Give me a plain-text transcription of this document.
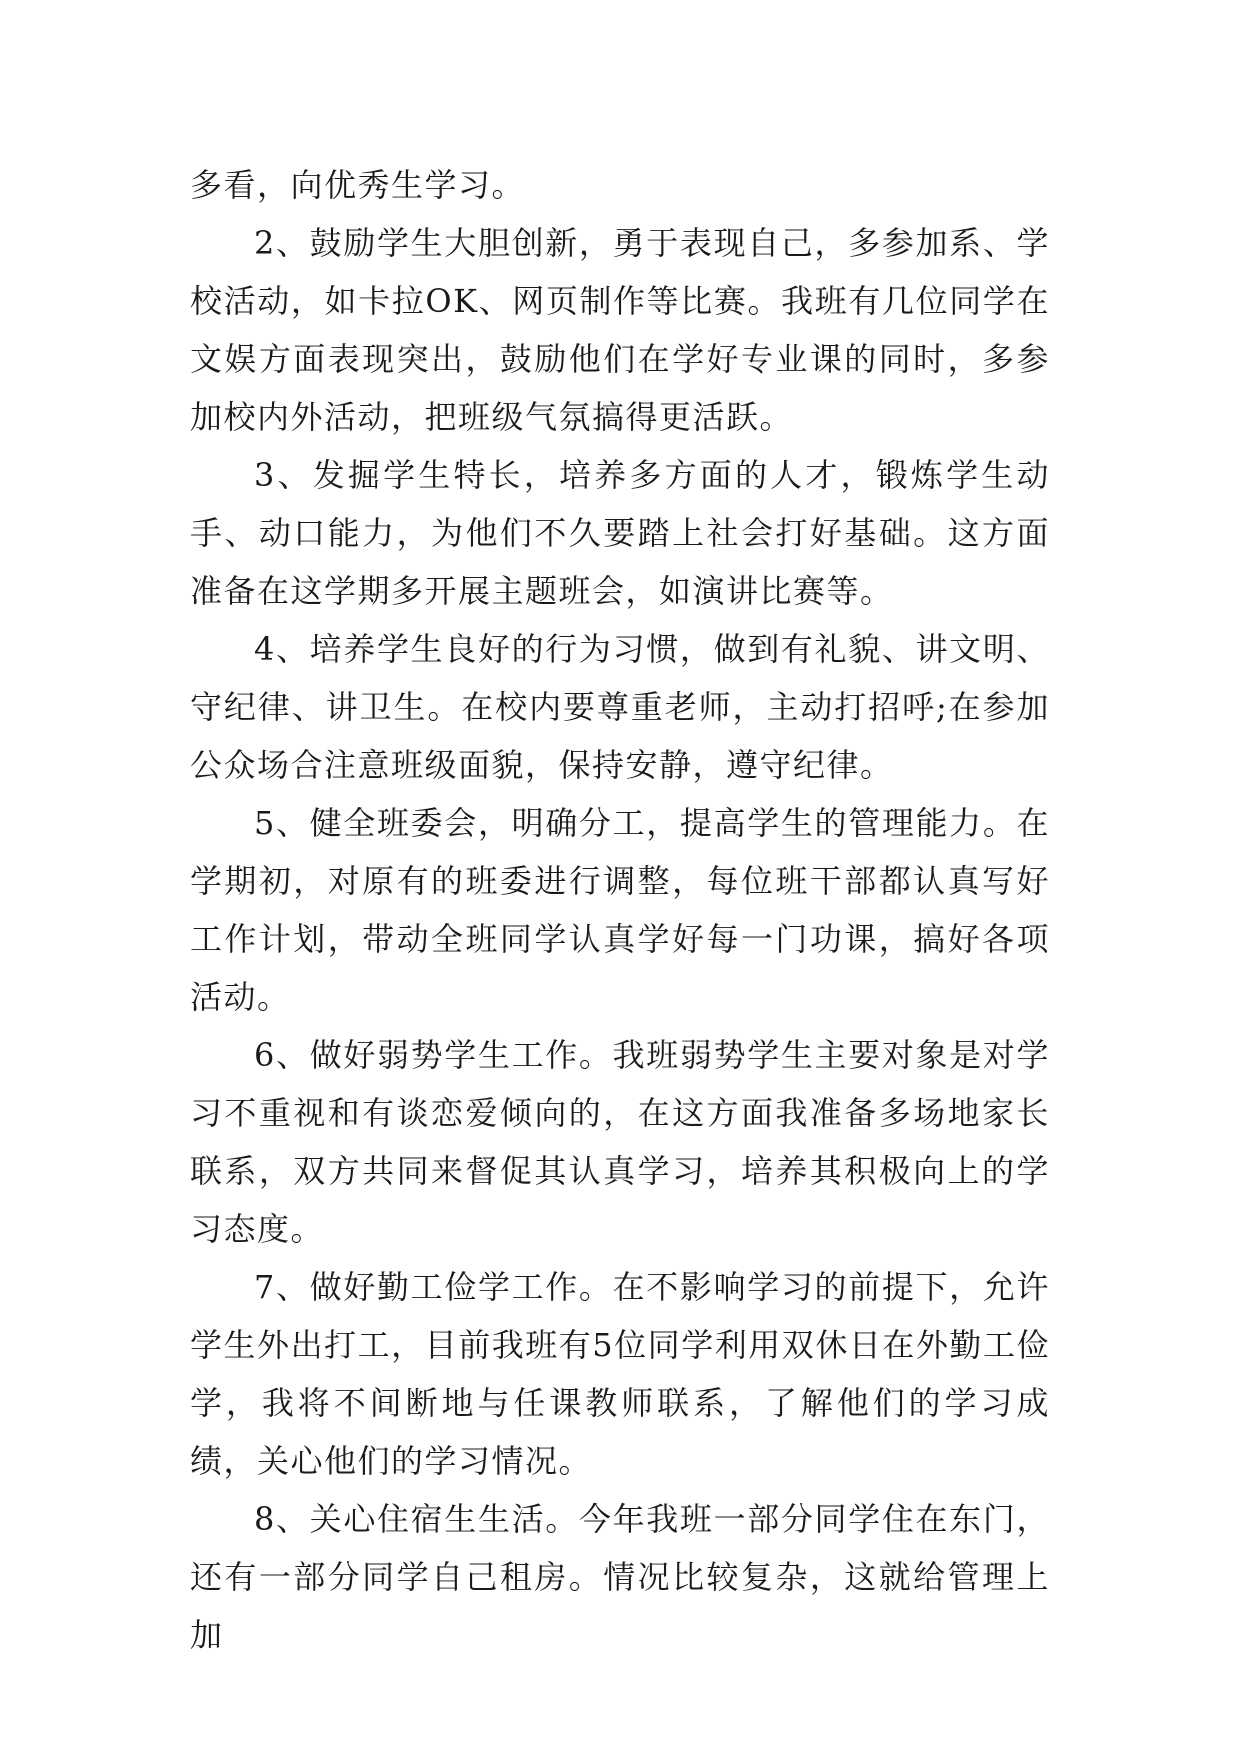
多看，向优秀生学习。

2、鼓励学生大胆创新，勇于表现自己，多参加系、学校活动，如卡拉OK、网页制作等比赛。我班有几位同学在文娱方面表现突出，鼓励他们在学好专业课的同时，多参加校内外活动，把班级气氛搞得更活跃。

3、发掘学生特长，培养多方面的人才，锻炼学生动手、动口能力，为他们不久要踏上社会打好基础。这方面准备在这学期多开展主题班会，如演讲比赛等。

4、培养学生良好的行为习惯，做到有礼貌、讲文明、守纪律、讲卫生。在校内要尊重老师，主动打招呼;在参加公众场合注意班级面貌，保持安静，遵守纪律。

5、健全班委会，明确分工，提高学生的管理能力。在学期初，对原有的班委进行调整，每位班干部都认真写好工作计划，带动全班同学认真学好每一门功课，搞好各项活动。

6、做好弱势学生工作。我班弱势学生主要对象是对学习不重视和有谈恋爱倾向的，在这方面我准备多场地家长联系，双方共同来督促其认真学习，培养其积极向上的学习态度。

7、做好勤工俭学工作。在不影响学习的前提下，允许学生外出打工，目前我班有5位同学利用双休日在外勤工俭学，我将不间断地与任课教师联系，了解他们的学习成绩，关心他们的学习情况。

8、关心住宿生生活。今年我班一部分同学住在东门，还有一部分同学自己租房。情况比较复杂，这就给管理上加
